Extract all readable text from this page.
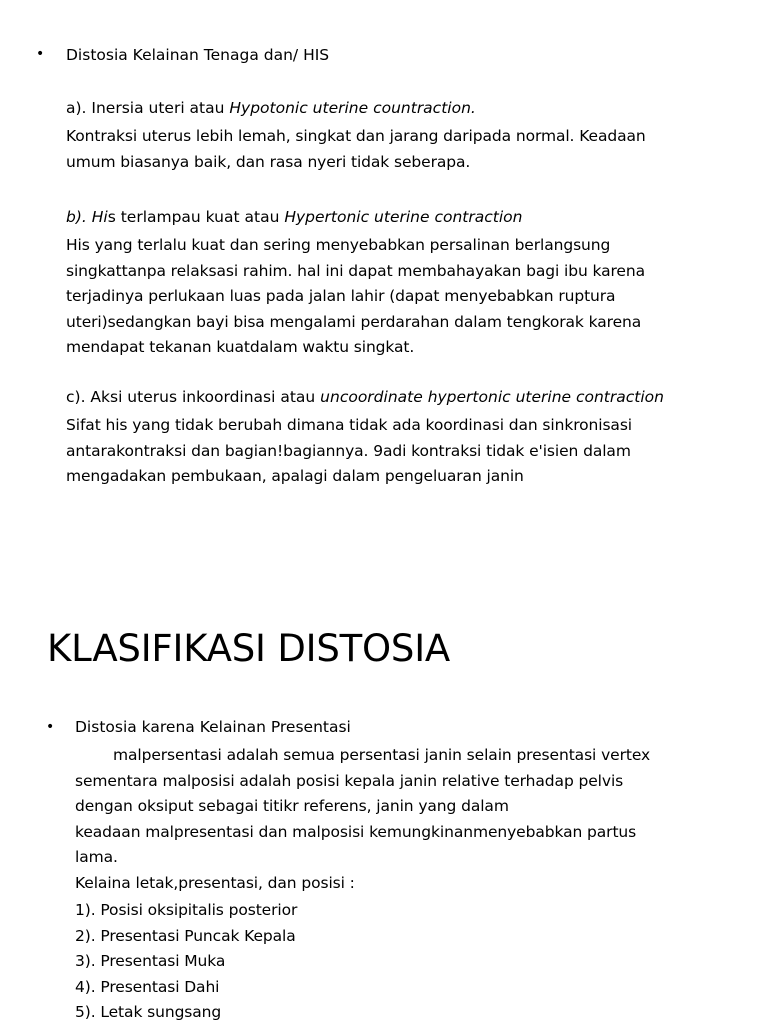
• Distosia Kelainan Tenaga dan/ HIS
a). Inersia uteri atau Hypotonic uterine countraction.
Kontraksi uterus lebih lemah, singkat dan jarang daripada normal. Keadaan
umum biasanya baik, dan rasa nyeri tidak seberapa.
b). His terlampau kuat atau Hypertonic uterine contraction
His yang terlalu kuat dan sering menyebabkan persalinan berlangsung
singkattanpa relaksasi rahim. hal ini dapat membahayakan bagi ibu karena
terjadinya perlukaan luas pada jalan lahir (dapat menyebabkan ruptura
uteri)sedangkan bayi bisa mengalami perdarahan dalam tengkorak karena
mendapat tekanan kuatdalam waktu singkat.
c). Aksi uterus inkoordinasi atau uncoordinate hypertonic uterine contraction
Sifat his yang tidak berubah dimana tidak ada koordinasi dan sinkronisasi
antarakontraksi dan bagian!bagiannya. 9adi kontraksi tidak e'isien dalam
mengadakan pembukaan, apalagi dalam pengeluaran janin
KLASIFIKASI DISTOSIA
• Distosia karena Kelainan Presentasi
malpersentasi adalah semua persentasi janin selain presentasi vertex
sementara malposisi adalah posisi kepala janin relative terhadap pelvis
dengan oksiput sebagai titikr referens, janin yang dalam
keadaan malpresentasi dan malposisi kemungkinanmenyebabkan partus
lama.
Kelaina letak,presentasi, dan posisi :
1). Posisi oksipitalis posterior
2). Presentasi Puncak Kepala
3). Presentasi Muka
4). Presentasi Dahi
5). Letak sungsang
